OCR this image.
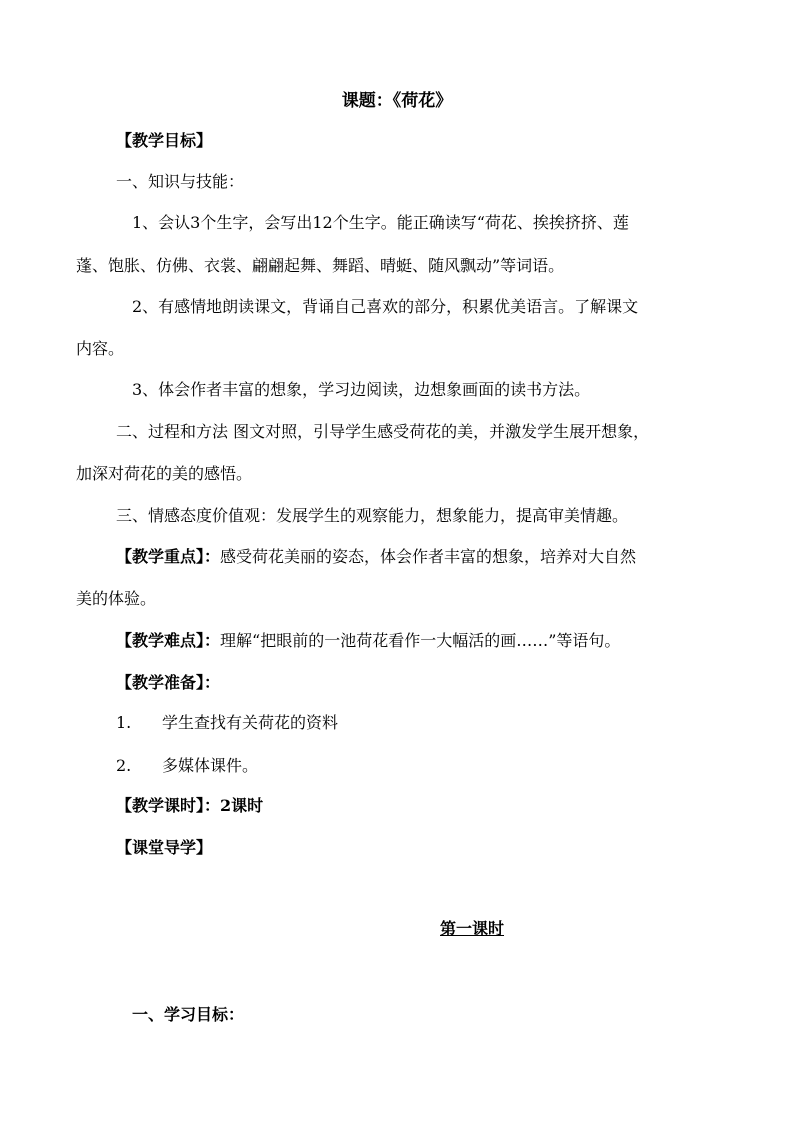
课题：《荷花》
【教学目标】
一、知识与技能：
1、会认3个生字，会写出12个生字。能正确读写“荷花、挨挨挤挤、莲
蓬、饱胀、仿佛、衣裳、翩翩起舞、舞蹈、晴蜓、随风飘动”等词语。
2、有感情地朗读课文，背诵自己喜欢的部分，积累优美语言。了解课文
内容。
3、体会作者丰富的想象，学习边阅读，边想象画面的读书方法。
二、过程和方法 图文对照，引导学生感受荷花的美，并激发学生展开想象，
加深对荷花的美的感悟。
三、情感态度价值观：发展学生的观察能力，想象能力，提高审美情趣。
【教学重点】：感受荷花美丽的姿态，体会作者丰富的想象，培养对大自然
美的体验。
【教学难点】：理解“把眼前的一池荷花看作一大幅活的画……”等语句。
【教学准备】：
1. 学生查找有关荷花的资料
2. 多媒体课件。
【教学课时】：2课时
【课堂导学】
第一课时
一、学习目标：
